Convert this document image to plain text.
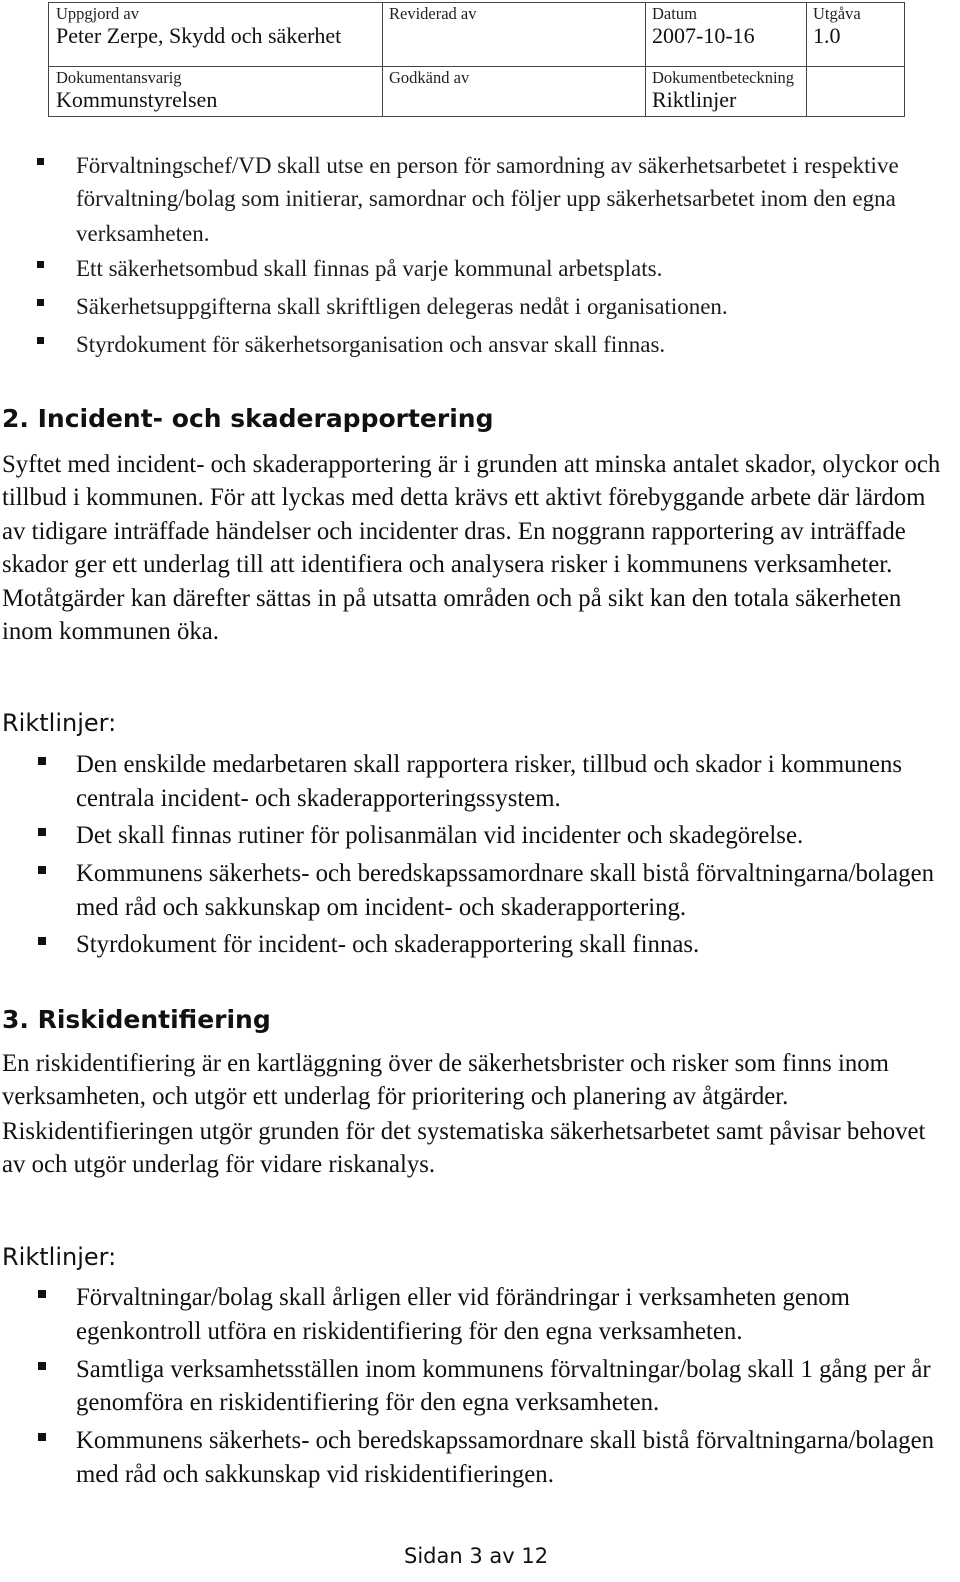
Uppgjord av
Peter Zerpe, Skydd och säkerhet
Reviderad av	Datum
2007-10-16
Utgåva
1.0
Dokumentansvarig
Kommunstyrelsen
Godkänd av	Dokumentbeteckning
Riktlinjer
Förvaltningschef/VD skall utse en person för samordning av säkerhetsarbetet i respektive
förvaltning/bolag som initierar, samordnar och följer upp säkerhetsarbetet inom den egna
verksamheten.
Ett säkerhetsombud skall finnas på varje kommunal arbetsplats.
Säkerhetsuppgifterna skall skriftligen delegeras nedåt i organisationen.
Styrdokument för säkerhetsorganisation och ansvar skall finnas.
2. Incident- och skaderapportering
Syftet med incident- och skaderapportering är i grunden att minska antalet skador, olyckor och
tillbud i kommunen. För att lyckas med detta krävs ett aktivt förebyggande arbete där lärdom
av tidigare inträffade händelser och incidenter dras. En noggrann rapportering av inträffade
skador ger ett underlag till att identifiera och analysera risker i kommunens verksamheter.
Motåtgärder kan därefter sättas in på utsatta områden och på sikt kan den totala säkerheten
inom kommunen öka.
Riktlinjer:
Den enskilde medarbetaren skall rapportera risker, tillbud och skador i kommunens
centrala incident- och skaderapporteringssystem.
Det skall finnas rutiner för polisanmälan vid incidenter och skadegörelse.
Kommunens säkerhets- och beredskapssamordnare skall bistå förvaltningarna/bolagen
med råd och sakkunskap om incident- och skaderapportering.
Styrdokument för incident- och skaderapportering skall finnas.
3. Riskidentifiering
En riskidentifiering är en kartläggning över de säkerhetsbrister och risker som finns inom
verksamheten, och utgör ett underlag för prioritering och planering av åtgärder.
Riskidentifieringen utgör grunden för det systematiska säkerhetsarbetet samt påvisar behovet
av och utgör underlag för vidare riskanalys.
Riktlinjer:
Förvaltningar/bolag skall årligen eller vid förändringar i verksamheten genom
egenkontroll utföra en riskidentifiering för den egna verksamheten.
Samtliga verksamhetsställen inom kommunens förvaltningar/bolag skall 1 gång per år
genomföra en riskidentifiering för den egna verksamheten.
Kommunens säkerhets- och beredskapssamordnare skall bistå förvaltningarna/bolagen
med råd och sakkunskap vid riskidentifieringen.
Sidan 3 av 12
